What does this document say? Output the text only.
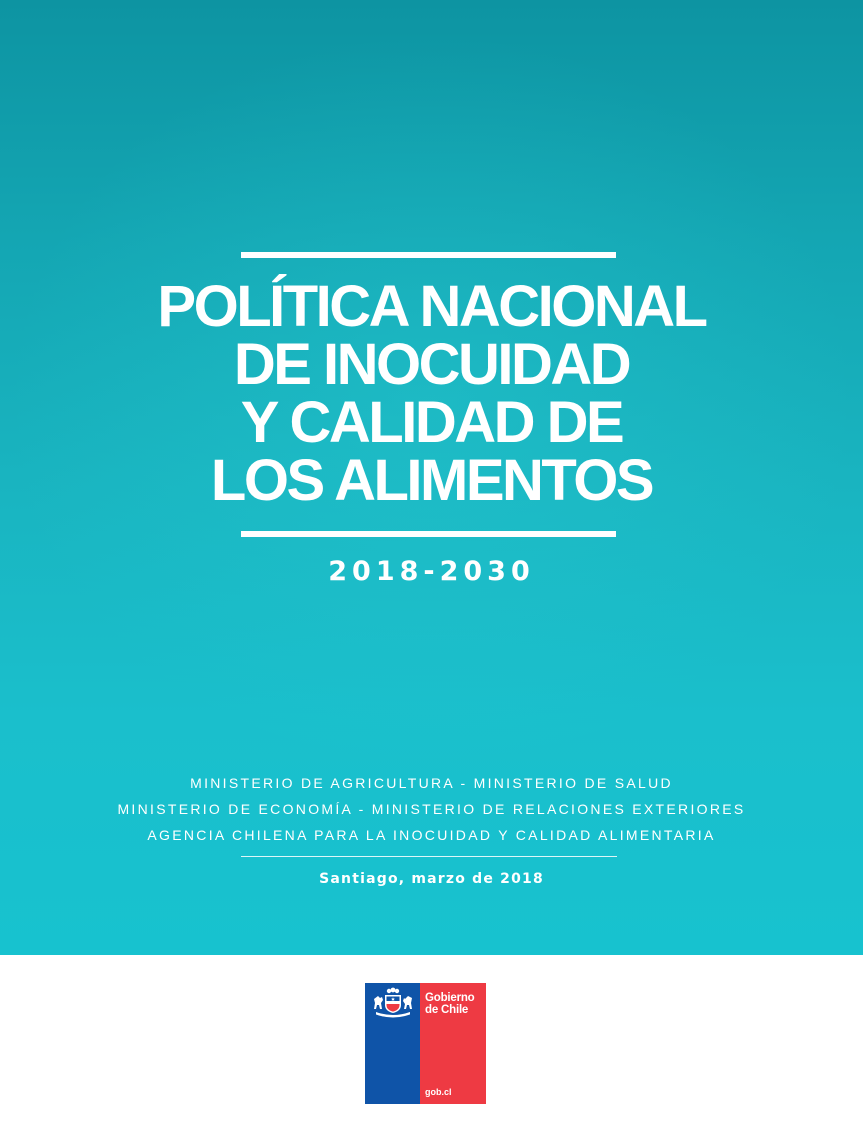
POLÍTICA NACIONAL
DE INOCUIDAD
Y CALIDAD DE
LOS ALIMENTOS
2018-2030
MINISTERIO DE AGRICULTURA - MINISTERIO DE SALUD
MINISTERIO DE ECONOMÍA - MINISTERIO DE RELACIONES EXTERIORES
AGENCIA CHILENA PARA LA INOCUIDAD Y CALIDAD ALIMENTARIA
Santiago, marzo de 2018
Gobierno
de Chile
gob.cl
